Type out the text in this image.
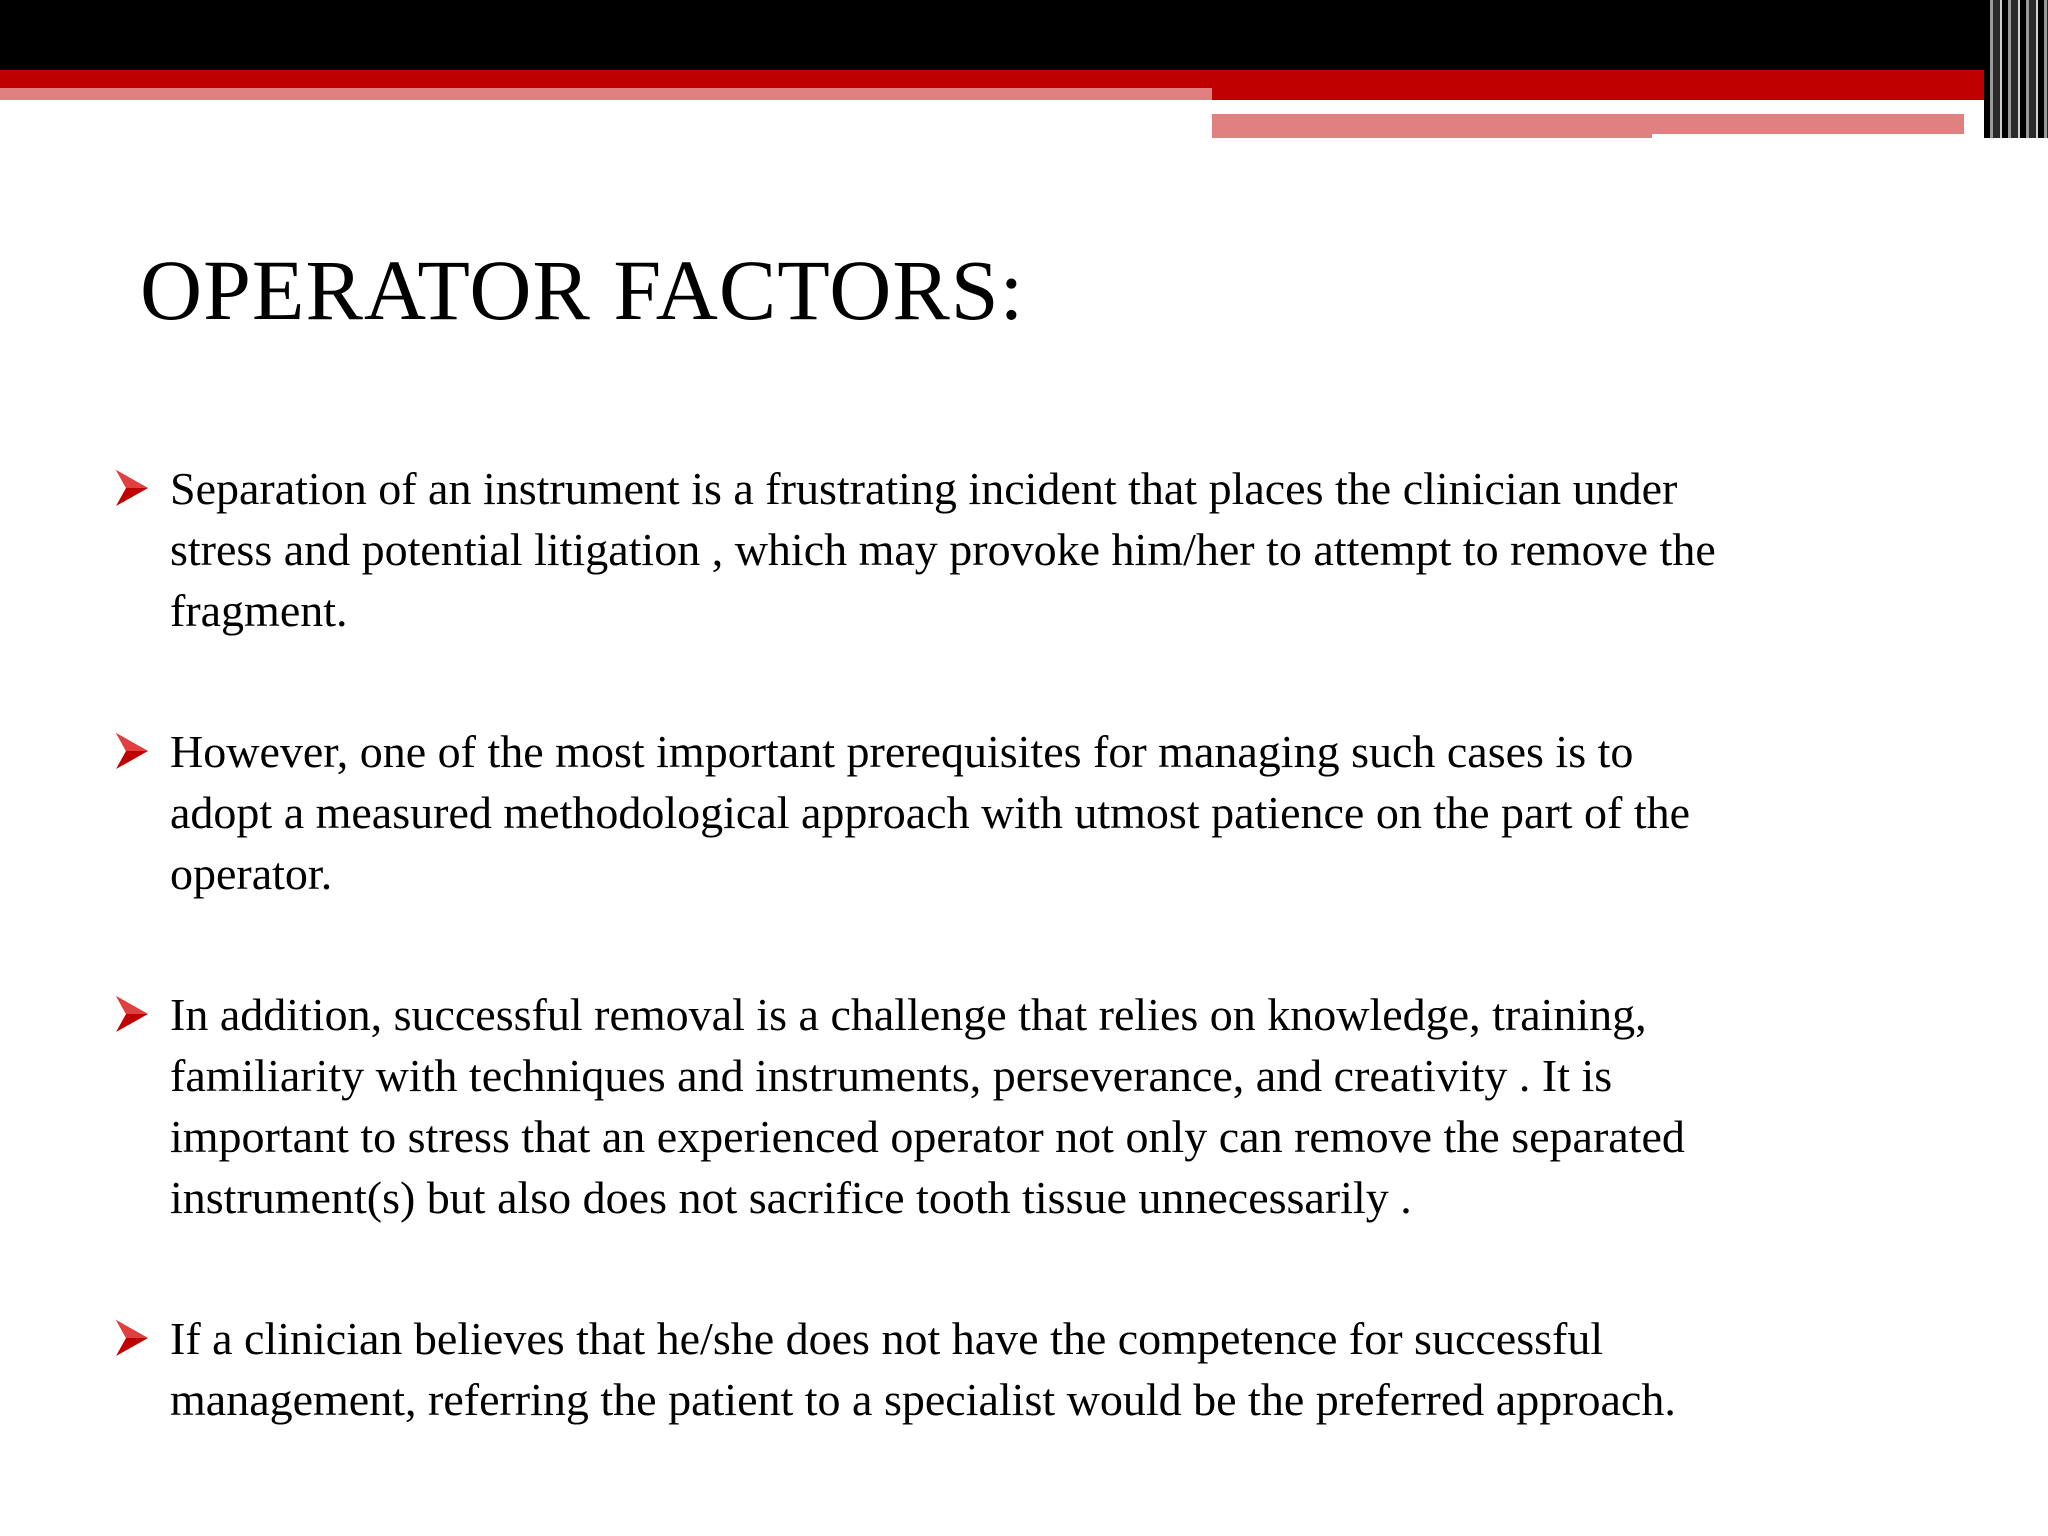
OPERATOR FACTORS:
Separation of an instrument is a frustrating incident that places the clinician under
stress and potential litigation , which may provoke him/her to attempt to remove the
fragment.
However, one of the most important prerequisites for managing such cases is to
adopt a measured methodological approach with utmost patience on the part of the
operator.
In addition, successful removal is a challenge that relies on knowledge, training,
familiarity with techniques and instruments, perseverance, and creativity . It is
important to stress that an experienced operator not only can remove the separated
instrument(s) but also does not sacrifice tooth tissue unnecessarily .
If a clinician believes that he/she does not have the competence for successful
management, referring the patient to a specialist would be the preferred approach.
